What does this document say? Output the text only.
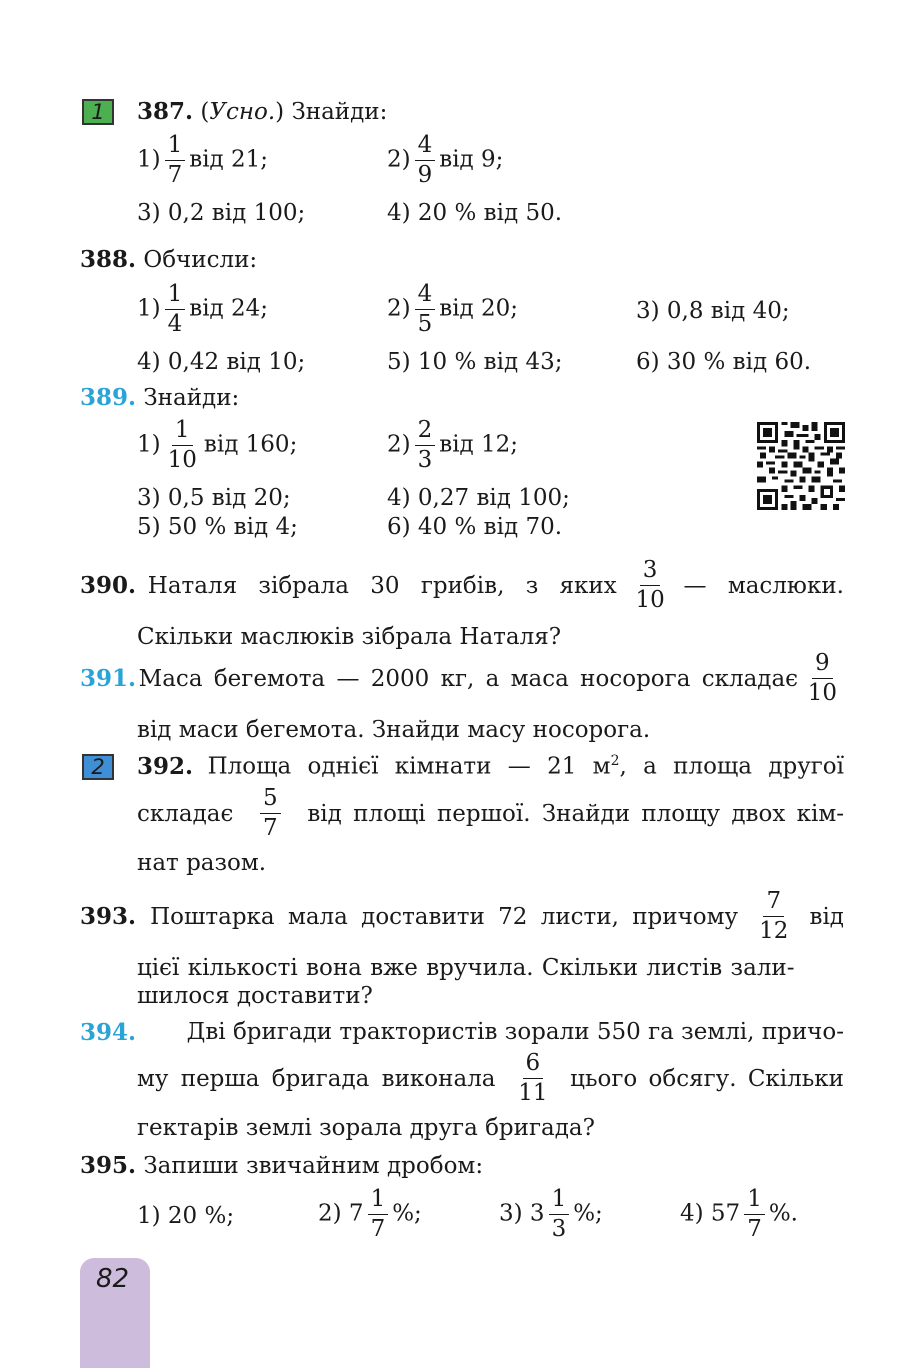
1 387. (Усно.) Знайди:
$1) \frac{1}{7}$ від 21;	$2) \frac{4}{9}$ від 9;
3) 0,2 від 100;	4) 20 % від 50.
388. Обчисли:
$1) \frac{1}{4}$ від 24;	$2) \frac{4}{5}$ від 20;	3) 0,8 від 40;
4) 0,42 від 10;	5) 10 % від 43;	6) 30 % від 60.
389. Знайди:
$1) \frac{1}{10}$ від 160;	$2) \frac{2}{3}$ від 12;
3) 0,5 від 20;	4) 0,27 від 100;
5) 50 % від 4;	6) 40 % від 70.
390. Наталя зібрала 30 грибів, з яких $\frac{3}{10}$ — маслюки.
Скільки маслюків зібрала Наталя?
391. Маса бегемота — 2000 кг, а маса носорога складає $\frac{9}{10}$
від маси бегемота. Знайди масу носорога.
2 392. Площа однієї кімнати — 21 $м^2$, а площа другої
складає $\frac{5}{7}$ від площі першої. Знайди площу двох кім-
нат разом.
393. Поштарка мала доставити 72 листи, причому $\frac{7}{12}$ від
цієї кількості вона вже вручила. Скільки листів зали-
шилося доставити?
394. Дві бригади трактористів зорали 550 га землі, причо-
му перша бригада виконала $\frac{6}{11}$ цього обсягу. Скільки
гектарів землі зорала друга бригада?
395. Запиши звичайним дробом:
1) 20 %;	2) $7 \frac{1}{7}$ %;	3) $3 \frac{1}{3}$ %;	4) $57 \frac{1}{7}$ %.
82
